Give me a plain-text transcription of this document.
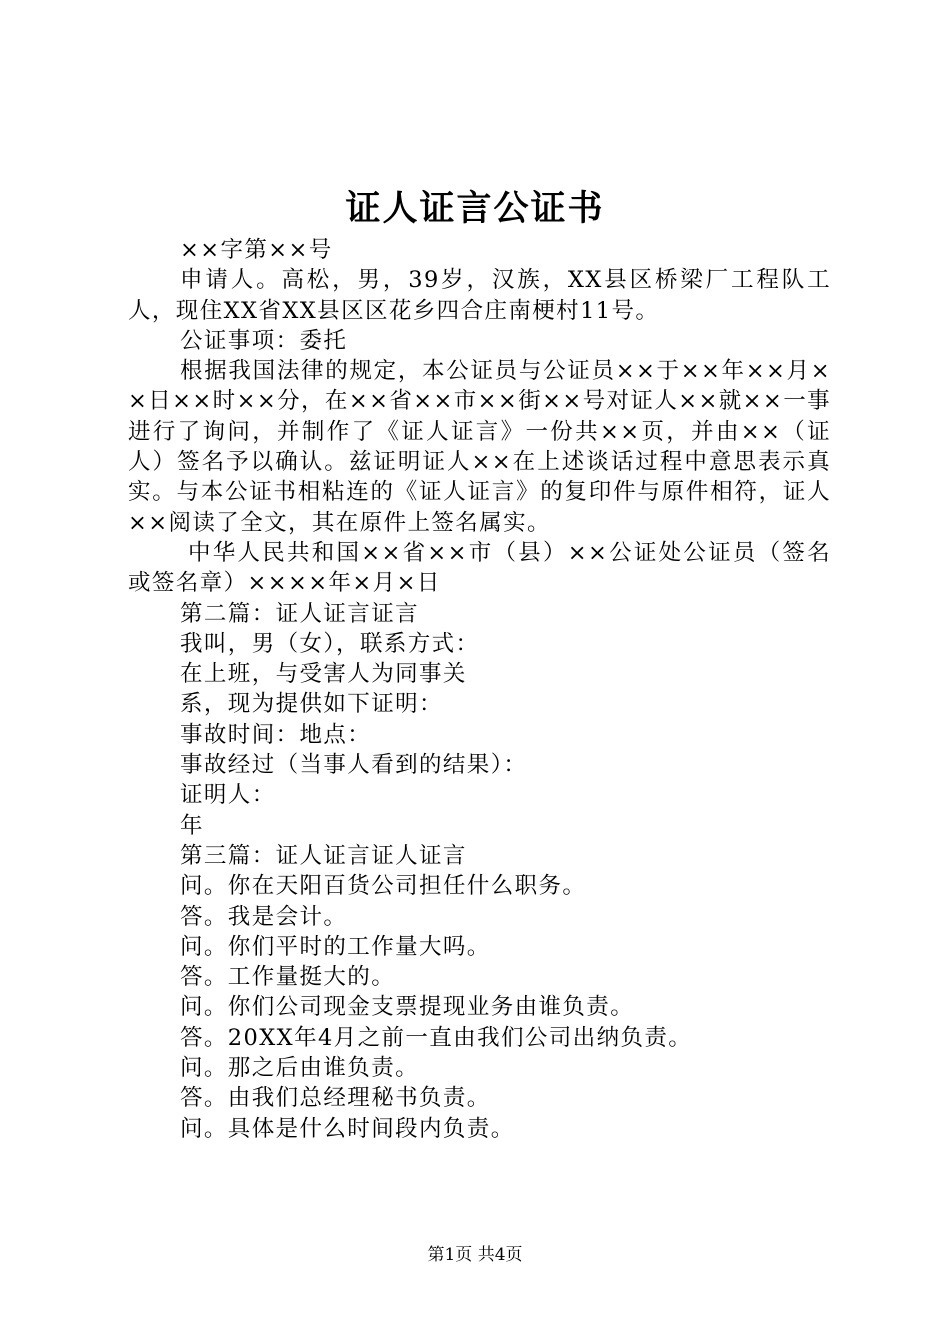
证人证言公证书

××字第××号

申请人。高松，男，39岁，汉族，XX县区桥梁厂工程队工人，现住XX省XX县区区花乡四合庄南梗村11号。

公证事项：委托

根据我国法律的规定，本公证员与公证员××于××年××月××日××时××分，在××省××市××街××号对证人××就××一事进行了询问，并制作了《证人证言》一份共××页，并由××（证人）签名予以确认。兹证明证人××在上述谈话过程中意思表示真实。与本公证书相粘连的《证人证言》的复印件与原件相符，证人××阅读了全文，其在原件上签名属实。

中华人民共和国××省××市（县）××公证处公证员（签名或签名章）××××年×月×日

第二篇：证人证言证言

我叫，男（女），联系方式：

在上班，与受害人为同事关

系，现为提供如下证明：

事故时间：地点：

事故经过（当事人看到的结果）：

证明人：

年

第三篇：证人证言证人证言

问。你在天阳百货公司担任什么职务。

答。我是会计。

问。你们平时的工作量大吗。

答。工作量挺大的。

问。你们公司现金支票提现业务由谁负责。

答。20XX年4月之前一直由我们公司出纳负责。

问。那之后由谁负责。

答。由我们总经理秘书负责。

问。具体是什么时间段内负责。

第1页 共4页
